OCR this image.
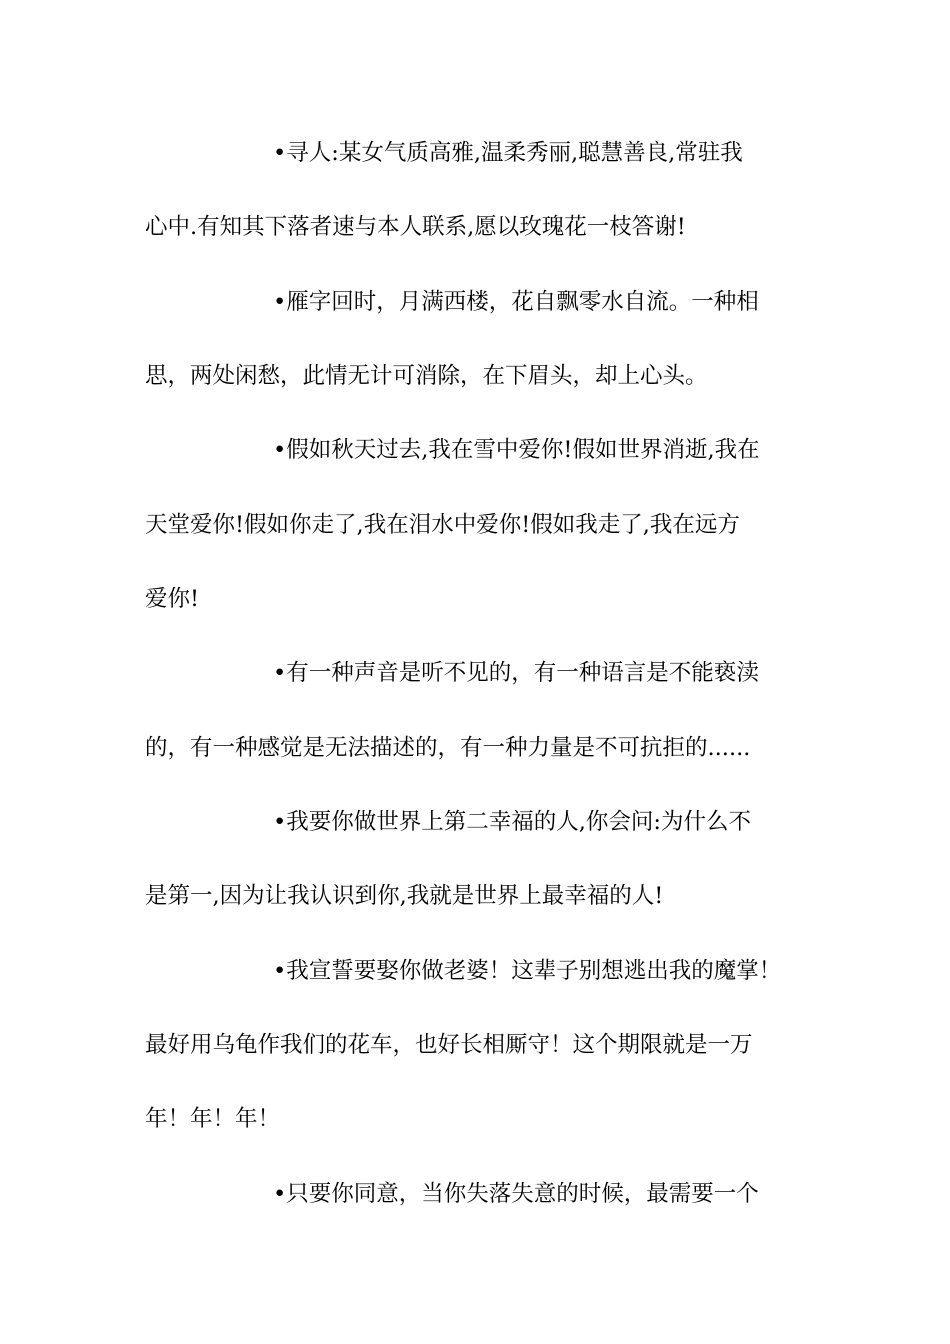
•寻人:某女气质高雅,温柔秀丽,聪慧善良,常驻我
心中.有知其下落者速与本人联系,愿以玫瑰花一枝答谢!
•雁字回时，月满西楼，花自飘零水自流。一种相
思，两处闲愁，此情无计可消除，在下眉头，却上心头。
•假如秋天过去,我在雪中爱你!假如世界消逝,我在
天堂爱你!假如你走了,我在泪水中爱你!假如我走了,我在远方
爱你!
•有一种声音是听不见的，有一种语言是不能亵渎
的，有一种感觉是无法描述的，有一种力量是不可抗拒的......
•我要你做世界上第二幸福的人,你会问:为什么不
是第一,因为让我认识到你,我就是世界上最幸福的人!
•我宣誓要娶你做老婆！这辈子别想逃出我的魔掌！
最好用乌龟作我们的花车，也好长相厮守！这个期限就是一万
年！年！年！
•只要你同意，当你失落失意的时候，最需要一个
